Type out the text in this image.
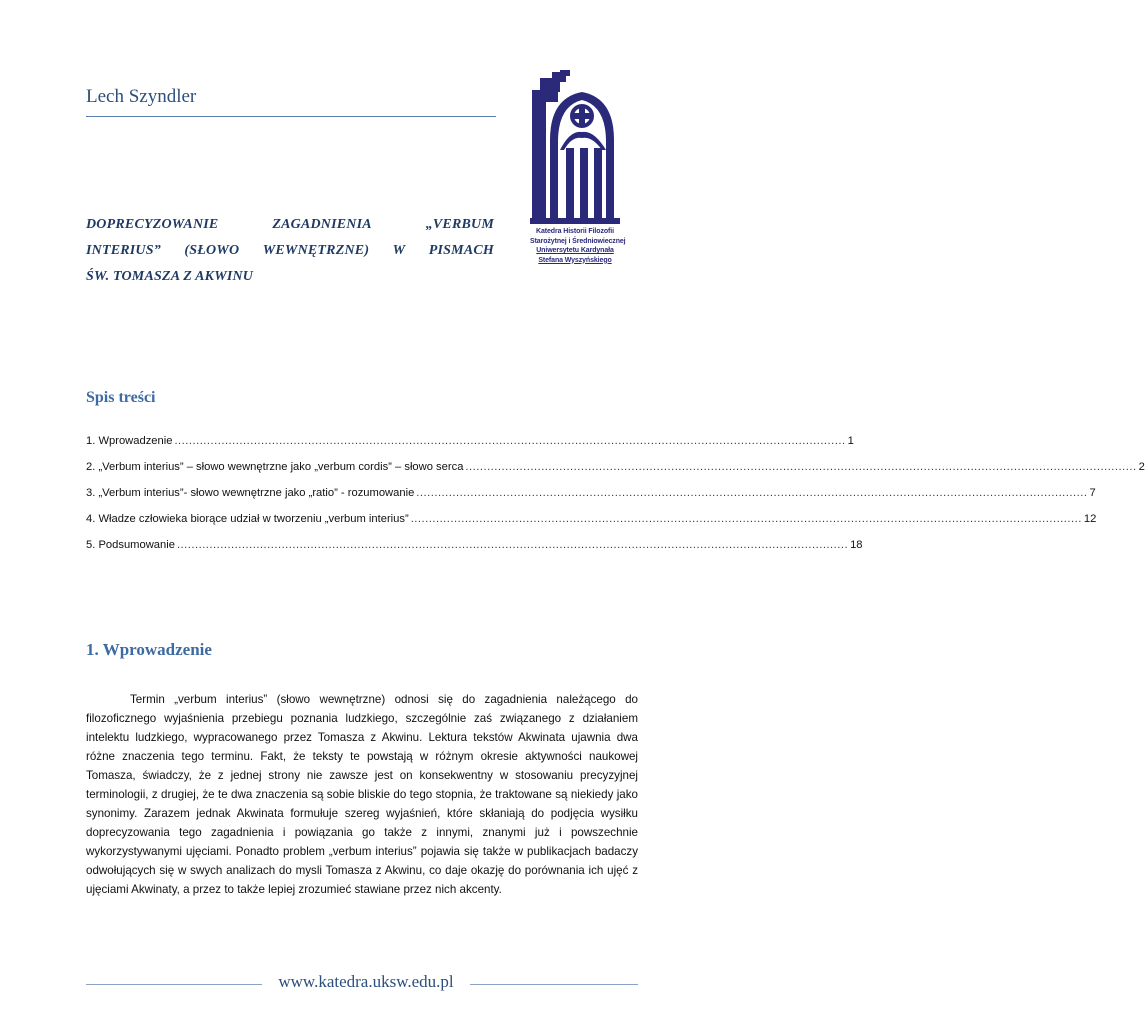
Lech Szyndler
DOPRECYZOWANIE	ZAGADNIENIA	„VERBUM
INTERIUS” (SŁOWO WEWNĘTRZNE) W PISMACH
ŚW. TOMASZA Z AKWINU
Katedra Historii Filozofii
Starożytnej i Średniowiecznej
Uniwersytetu Kardynała
Stefana Wyszyńskiego
Spis treści
1. Wprowadzenie .......................................................................................................................................................................................... 1
2. „Verbum interius” – słowo wewnętrzne jako „verbum cordis” – słowo serca .......................................................................................................................................................................................... 2
3. „Verbum interius”- słowo wewnętrzne jako „ratio” - rozumowanie .......................................................................................................................................................................................... 7
4. Władze człowieka biorące udział w tworzeniu „verbum interius” .......................................................................................................................................................................................... 12
5. Podsumowanie .......................................................................................................................................................................................... 18
1. Wprowadzenie
Termin „verbum interius” (słowo wewnętrzne) odnosi się do zagadnienia należącego do filozoficznego wyjaśnienia przebiegu poznania ludzkiego, szczególnie zaś związanego z działaniem intelektu ludzkiego, wypracowanego przez Tomasza z Akwinu. Lektura tekstów Akwinata ujawnia dwa różne znaczenia tego terminu. Fakt, że teksty te powstają w różnym okresie aktywności naukowej Tomasza, świadczy, że z jednej strony nie zawsze jest on konsekwentny w stosowaniu precyzyjnej terminologii, z drugiej, że te dwa znaczenia są sobie bliskie do tego stopnia, że traktowane są niekiedy jako synonimy. Zarazem jednak Akwinata formułuje szereg wyjaśnień, które skłaniają do podjęcia wysiłku doprecyzowania tego zagadnienia i powiązania go także z innymi, znanymi już i powszechnie wykorzystywanymi ujęciami. Ponadto problem „verbum interius” pojawia się także w publikacjach badaczy odwołujących się w swych analizach do mysli Tomasza z Akwinu, co daje okazję do porównania ich ujęć z ujęciami Akwinaty, a przez to także lepiej zrozumieć stawiane przez nich akcenty.
www.katedra.uksw.edu.pl
